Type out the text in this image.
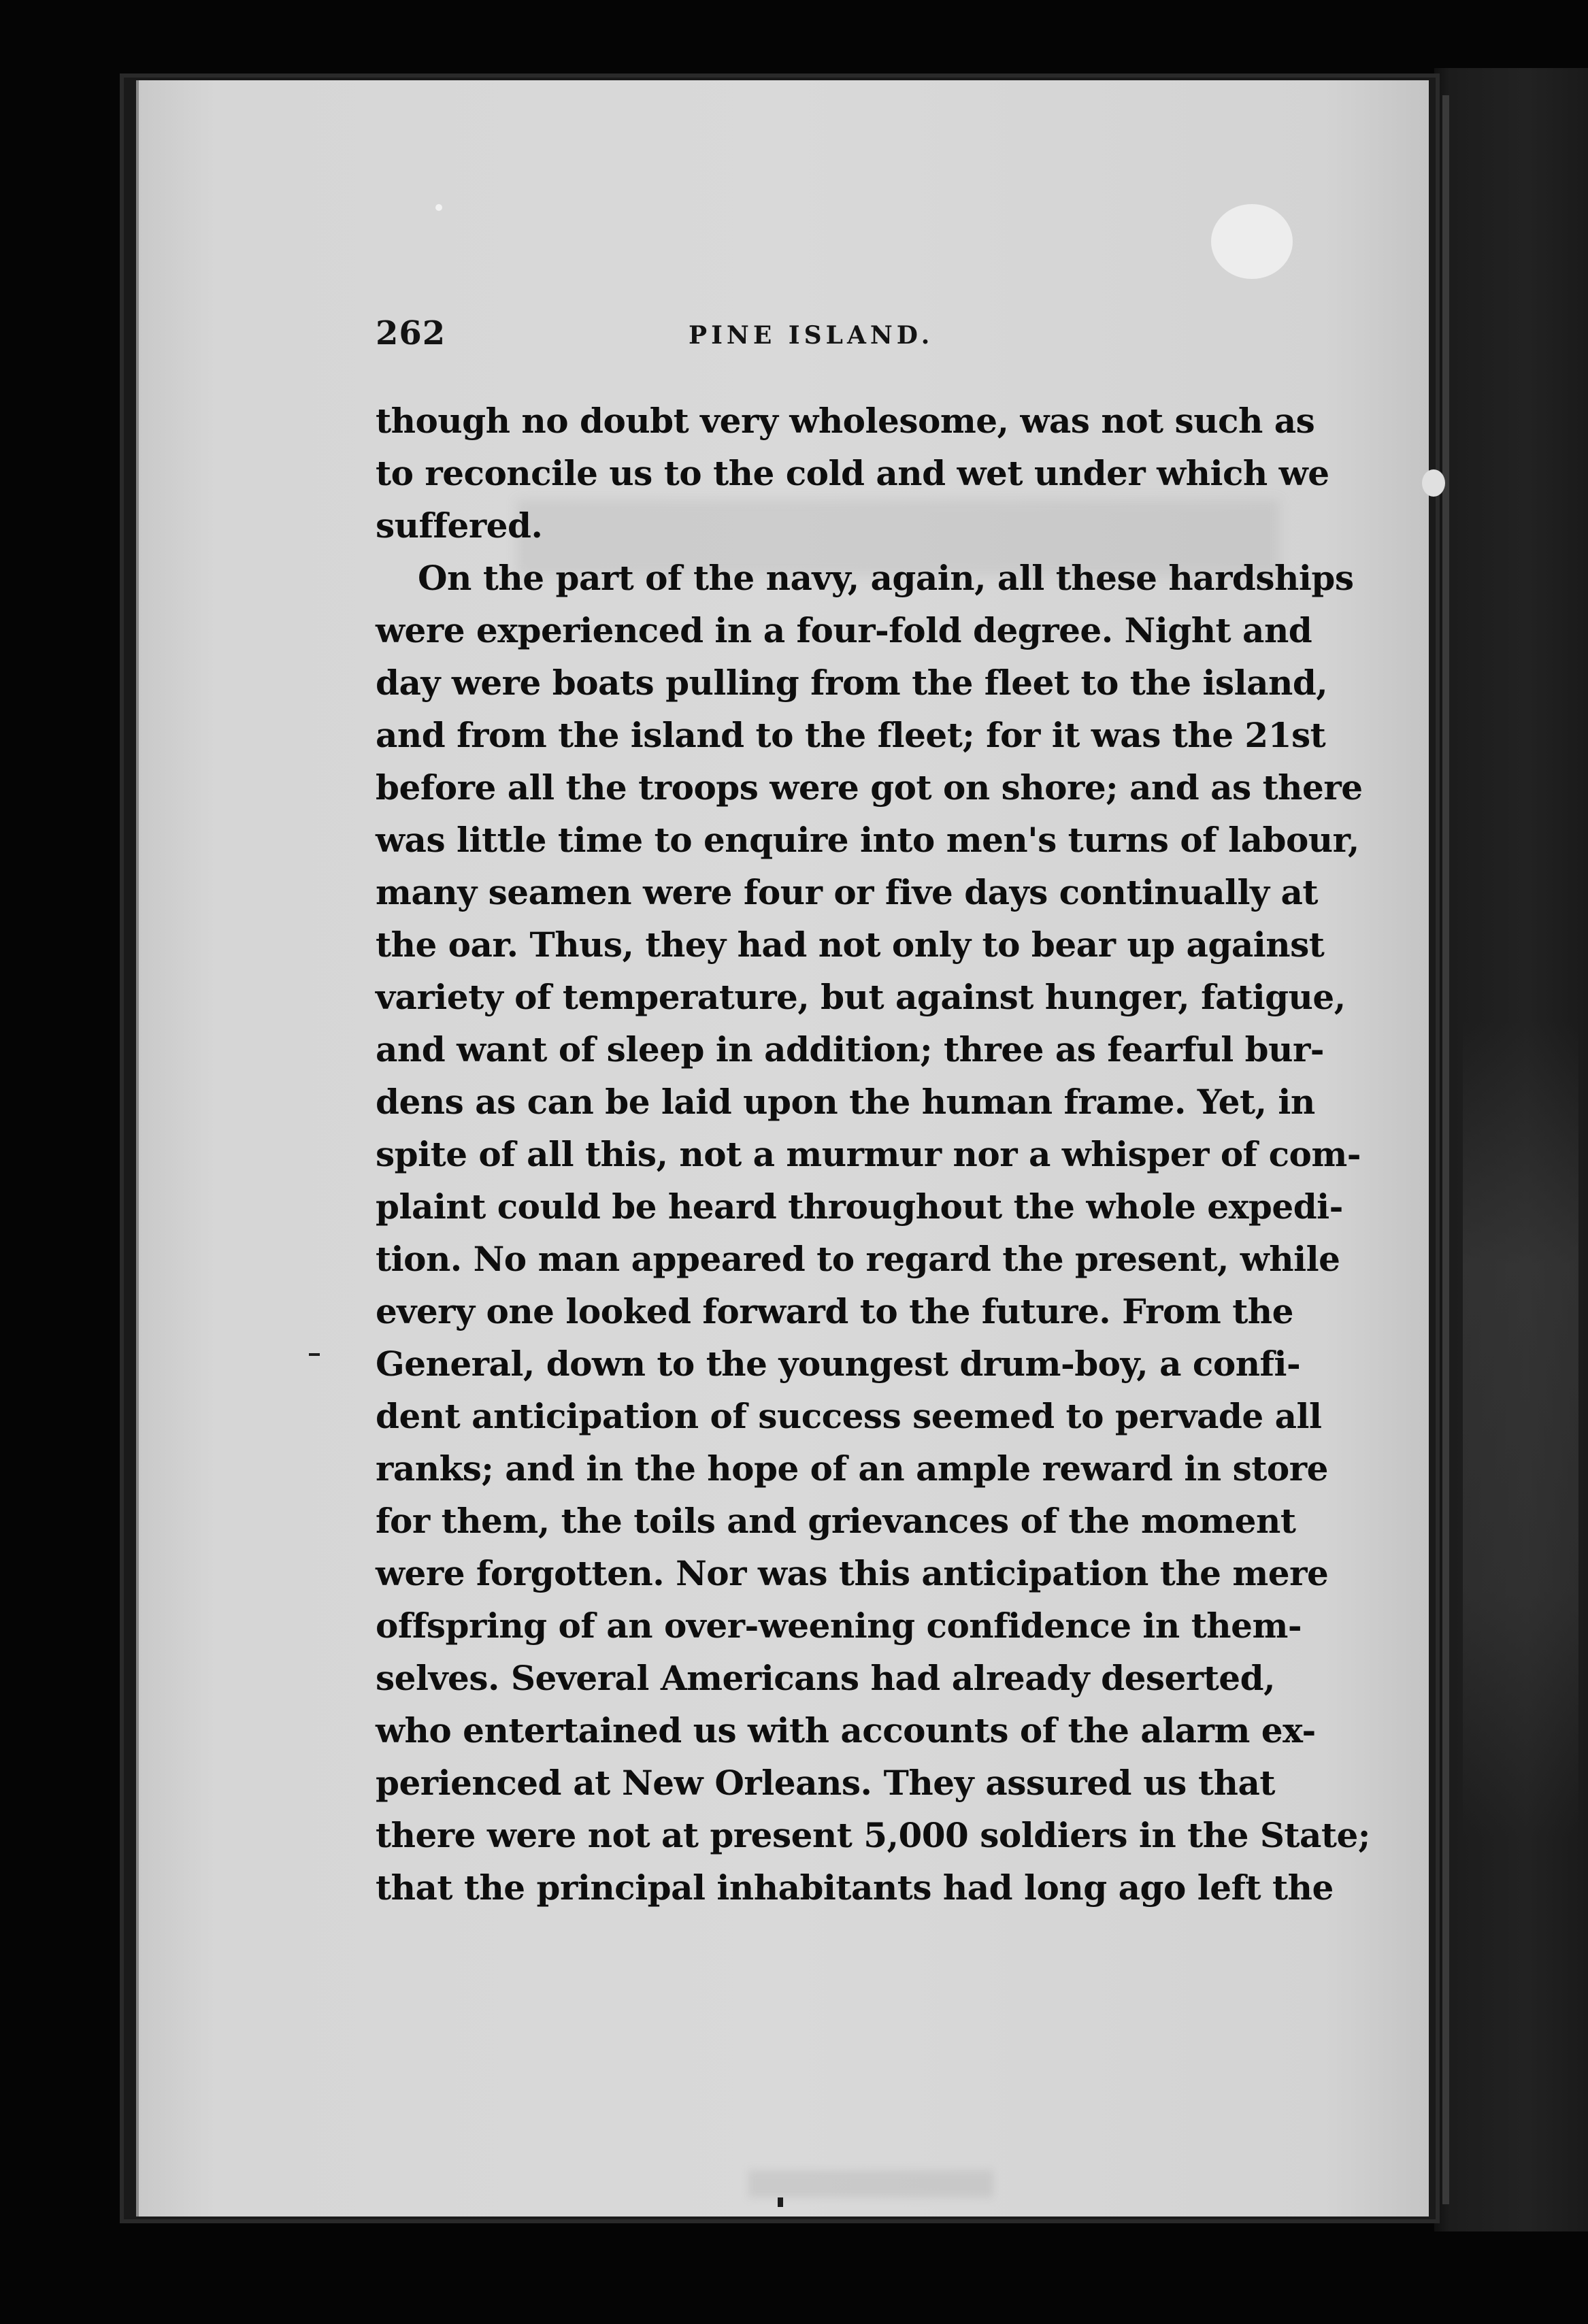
262	PINE ISLAND.
though no doubt very wholesome, was not such as
to reconcile us to the cold and wet under which we
suffered.
On the part of the navy, again, all these hardships
were experienced in a four-fold degree. Night and
day were boats pulling from the fleet to the island,
and from the island to the fleet; for it was the 21st
before all the troops were got on shore; and as there
was little time to enquire into men's turns of labour,
many seamen were four or five days continually at
the oar. Thus, they had not only to bear up against
variety of temperature, but against hunger, fatigue,
and want of sleep in addition; three as fearful bur-
dens as can be laid upon the human frame. Yet, in
spite of all this, not a murmur nor a whisper of com-
plaint could be heard throughout the whole expedi-
tion. No man appeared to regard the present, while
every one looked forward to the future. From the
General, down to the youngest drum-boy, a confi-
dent anticipation of success seemed to pervade all
ranks; and in the hope of an ample reward in store
for them, the toils and grievances of the moment
were forgotten. Nor was this anticipation the mere
offspring of an over-weening confidence in them-
selves. Several Americans had already deserted,
who entertained us with accounts of the alarm ex-
perienced at New Orleans. They assured us that
there were not at present 5,000 soldiers in the State;
that the principal inhabitants had long ago left the
